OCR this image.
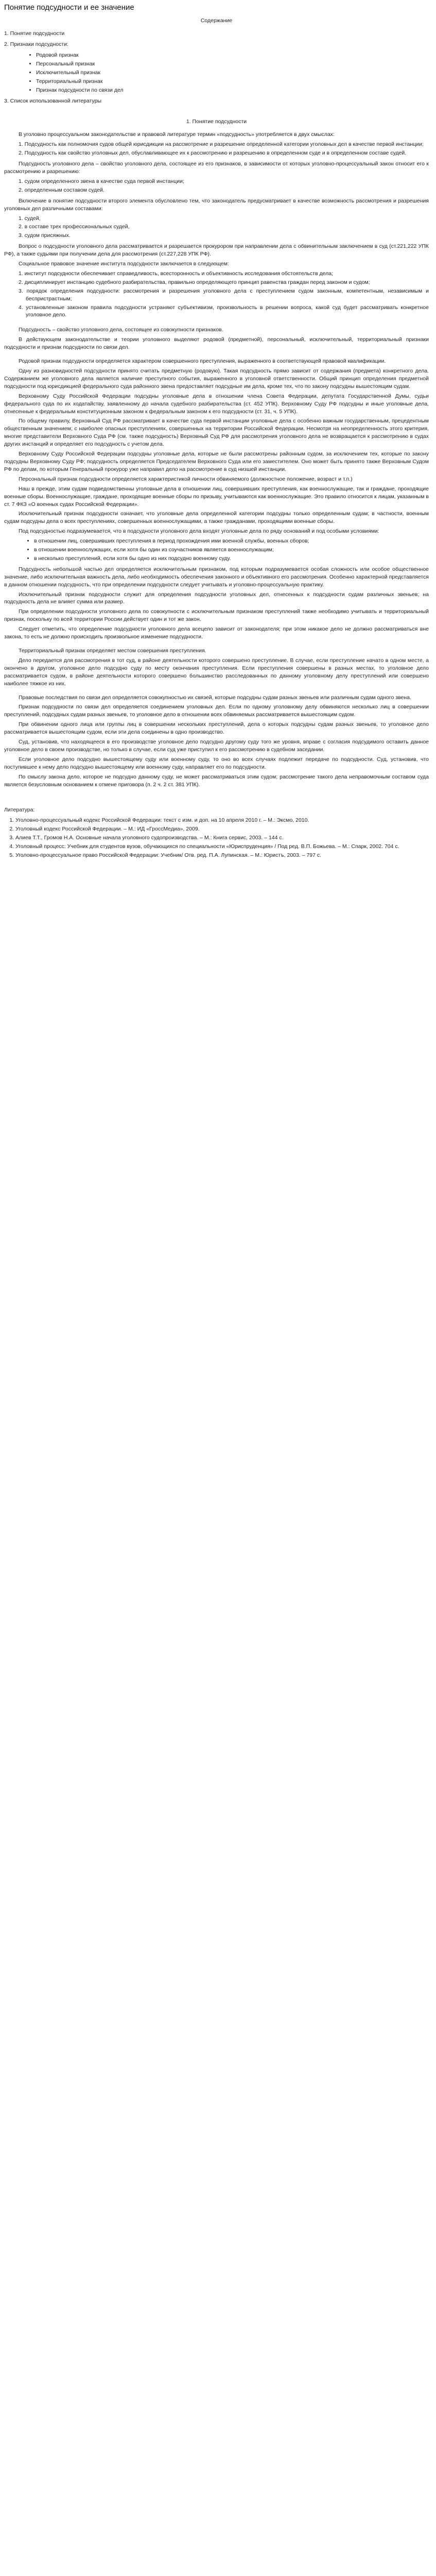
Понятие подсудности и ее значение
Содержание
1. Понятие подсудности
2. Признаки подсудности:
• Родовой признак
• Персональный признак
• Исключительный признак
• Территориальный признак
• Признак подсудности по связи дел
3. Список использованной литературы
1. Понятие подсудности

В уголовно процессуальном законодательстве и правовой литературе термин «подсудность» употребляется в двух смыслах:

1. Подсудность как полномочия судов общей юрисдикции на рассмотрение и разрешение определенной категории уголовных дел в качестве первой инстанции;
2. Подсудность как свойство уголовных дел, обуславливающее их к рассмотрению и разрешению в определенном суде и в определенном составе судей.

Подсудность уголовного дела – свойство уголовного дела, состоящее из его признаков, в зависимости от которых уголовно-процессуальный закон относит его к рассмотрению и разрешению:

1. судом определенного звена в качестве суда первой инстанции;
2. определенным составом судей.

Включение в понятие подсудности второго элемента обусловлено тем, что законодатель предусматривает в качестве возможность рассмотрения и разрешения уголовных дел различными составами:

1. судей,
2. в составе трех профессиональных судей,
3. судом присяжных.

Вопрос о подсудности уголовного дела рассматривается и разрешается прокурором при направлении дела с обвинительным заключением в суд (ст.221,222 УПК РФ), а также судьями при получении дела для рассмотрения (ст.227,228 УПК РФ).

Социальное правовое значение института подсудности заключается в следующем:

1. институт подсудности обеспечивает справедливость, всесторонность и объективность исследования обстоятельств дела;
2. дисциплинирует инстанцию судебного разбирательства, правильно определяющего принцип равенства граждан перед законом и судом;
3. порядок определения подсудности: рассмотрения и разрешения уголовного дела с преступлением судом законным, компетентным, независимым и беспристрастным;
4. установленные законом правила подсудности устраняют субъективизм, произвольность в решении вопроса, какой суд будет рассматривать конкретное уголовное дело.

Подсудность – свойство уголовного дела, состоящее из совокупности признаков.

В действующем законодательстве и теории уголовного выделяют родовой (предметной), персональный, исключительный, территориальный признаки подсудности и признак подсудности по связи дел.

Родовой признак подсудности определяется характером совершенного преступления, выраженного в соответствующей правовой квалификации.

Одну из разновидностей подсудности принято считать предметную (родовую). Такая подсудность прямо зависит от содержания (предмета) конкретного дела. Содержанием же уголовного дела является наличие преступного события, выраженного в уголовной ответственности. Общий принцип определения предметной подсудности под юрисдикцией федерального суда районного звена предоставляет подсудные им дела, кроме тех, что по закону подсудны вышестоящим судам.

Верховному Суду Российской Федерации подсудны уголовные дела в отношении члена Совета Федерации, депутата Государственной Думы, судьи федерального суда по их ходатайству, заявленному до начала судебного разбирательства (ст. 452 УПК). Верховному Суду РФ подсудны и иные уголовные дела, отнесенные к федеральным конституционным законом к федеральным законом к его подсудности (ст. 31, ч. 5 УПК).

По общему правилу, Верховный Суд РФ рассматривает в качестве суда первой инстанции уголовные дела с особенно важным государственным, прецедентным общественным значением; с наиболее опасных преступлениях, совершенных на территории Российской Федерации. Несмотря на неопределенность этого критерия, многие представители Верховного Суда РФ (см. также подсудность) Верховный Суд РФ для рассмотрения уголовного дела не возвращается к рассмотрению в судах других инстанций и определяет его подсудность с учетом дела.

Верховному Суду Российской Федерации подсудны уголовные дела, которые не были рассмотрены районным судом, за исключением тех, которые по закону подсудны Верховному Суду РФ; подсудность определяется Председателем Верховного Суда или его заместителем. Оно может быть принято также Верховным Судом РФ по делам, по которым Генеральный прокурор уже направил дело на рассмотрение в суд низшей инстанции.

Персональный признак подсудности определяется характеристикой личности обвиняемого (должностное положение, возраст и т.п.)

Наш в прежде, этим судам подведомственны уголовные дела в отношении лиц, совершивших преступления, как военнослужащие, так и граждане, проходящие военные сборы. Военнослужащие, граждане, проходящие военные сборы по призыву, учитываются как военнослужащие. Это правило относится к лицам, указанным в ст. 7 ФКЗ «О военных судах Российской Федерации».

Исключительный признак подсудности означает, что уголовные дела определенной категории подсудны только определенным судам; в частности, военным судам подсудны дела о всех преступлениях, совершенных военнослужащими, а также гражданами, проходящими военные сборы.

Под подсудностью подразумевается, что в подсудности уголовного дела входят уголовные дела по ряду оснований и под особыми условиями:

• в отношении лиц, совершивших преступления в период прохождения ими военной службы, военных сборов;
• в отношении военнослужащих, если хотя бы один из соучастников является военнослужащим;
• в несколько преступлений, если хотя бы одно из них подсудно военному суду.

Подсудность небольшой частью дел определяется исключительным признаком, под которым подразумевается особая сложность или особое общественное значение, либо исключительная важность дела, либо необходимость обеспечения законного и объективного его рассмотрения. Особенно характерной представляется в данном отношении подсудность, что при определении подсудности следует учитывать и уголовно-процессуальную практику.

Исключительный признак подсудности служит для определения подсудности уголовных дел, отнесенных к подсудности судам различных звеньев; на подсудность дела не влияет сумма или размер.

При определении подсудности уголовного дела по совокупности с исключительным признаком преступлений также необходимо учитывать и территориальный признак, поскольку по всей территории России действует один и тот же закон.

Следует отметить, что определение подсудности уголовного дела всецело зависит от законодателя; при этом никакое дело не должно рассматриваться вне закона, то есть не должно происходить произвольное изменение подсудности.

Территориальный признак определяет местом совершения преступления.

Дело передается для рассмотрения в тот суд, в районе деятельности которого совершено преступление. В случае, если преступление начато в одном месте, а окончено в другом, уголовное дело подсудно суду по месту окончания преступления. Если преступления совершены в разных местах, то уголовное дело рассматривается судом, в районе деятельности которого совершено большинство расследованных по данному уголовному делу преступлений или совершено наиболее тяжкое из них.

Правовые последствия по связи дел определяется совокупностью их связей, которые подсудны судам разных звеньев или различным судам одного звена.

Признак подсудности по связи дел определяется соединением уголовных дел. Если по одному уголовному делу обвиняются несколько лиц в совершении преступлений, подсудных судам разных звеньев, то уголовное дело в отношении всех обвиняемых рассматривается вышестоящим судом.

При обвинении одного лица или группы лиц в совершении нескольких преступлений, дела о которых подсудны судам разных звеньев, то уголовное дело рассматривается вышестоящим судом, если эти дела соединены в одно производство.

Суд, установив, что находящееся в его производстве уголовное дело подсудно другому суду того же уровня, вправе с согласия подсудимого оставить данное уголовное дело в своем производстве, но только в случае, если суд уже приступил к его рассмотрению в судебном заседании.

Если уголовное дело подсудно вышестоящему суду или военному суду, то оно во всех случаях подлежит передаче по подсудности. Суд, установив, что поступившее к нему дело подсудно вышестоящему или военному суду, направляет его по подсудности.

По смыслу закона дело, которое не подсудно данному суду, не может рассматриваться этим судом; рассмотрение такого дела неправомочным составом суда является безусловным основанием к отмене приговора (п. 2 ч. 2 ст. 381 УПК).

Литература:
1. Уголовно-процессуальный кодекс Российской Федерации: текст с изм. и доп. на 10 апреля 2010 г. – М.: Эксмо, 2010.
2. Уголовный кодекс Российской Федерации. – М.: ИД «ГроссМедиа», 2009.
3. Алиев Т.Т., Громов Н.А. Основные начала уголовного судопроизводства. – М.: Книга сервис, 2003. – 144 с.
4. Уголовный процесс: Учебник для студентов вузов, обучающихся по специальности «Юриспруденция» / Под ред. В.П. Божьева. – М.: Спарк, 2002. 704 с.
5. Уголовно-процессуальное право Российской Федерации: Учебник/ Отв. ред. П.А. Лупинская. – М.: Юристъ, 2003. – 797 с.
